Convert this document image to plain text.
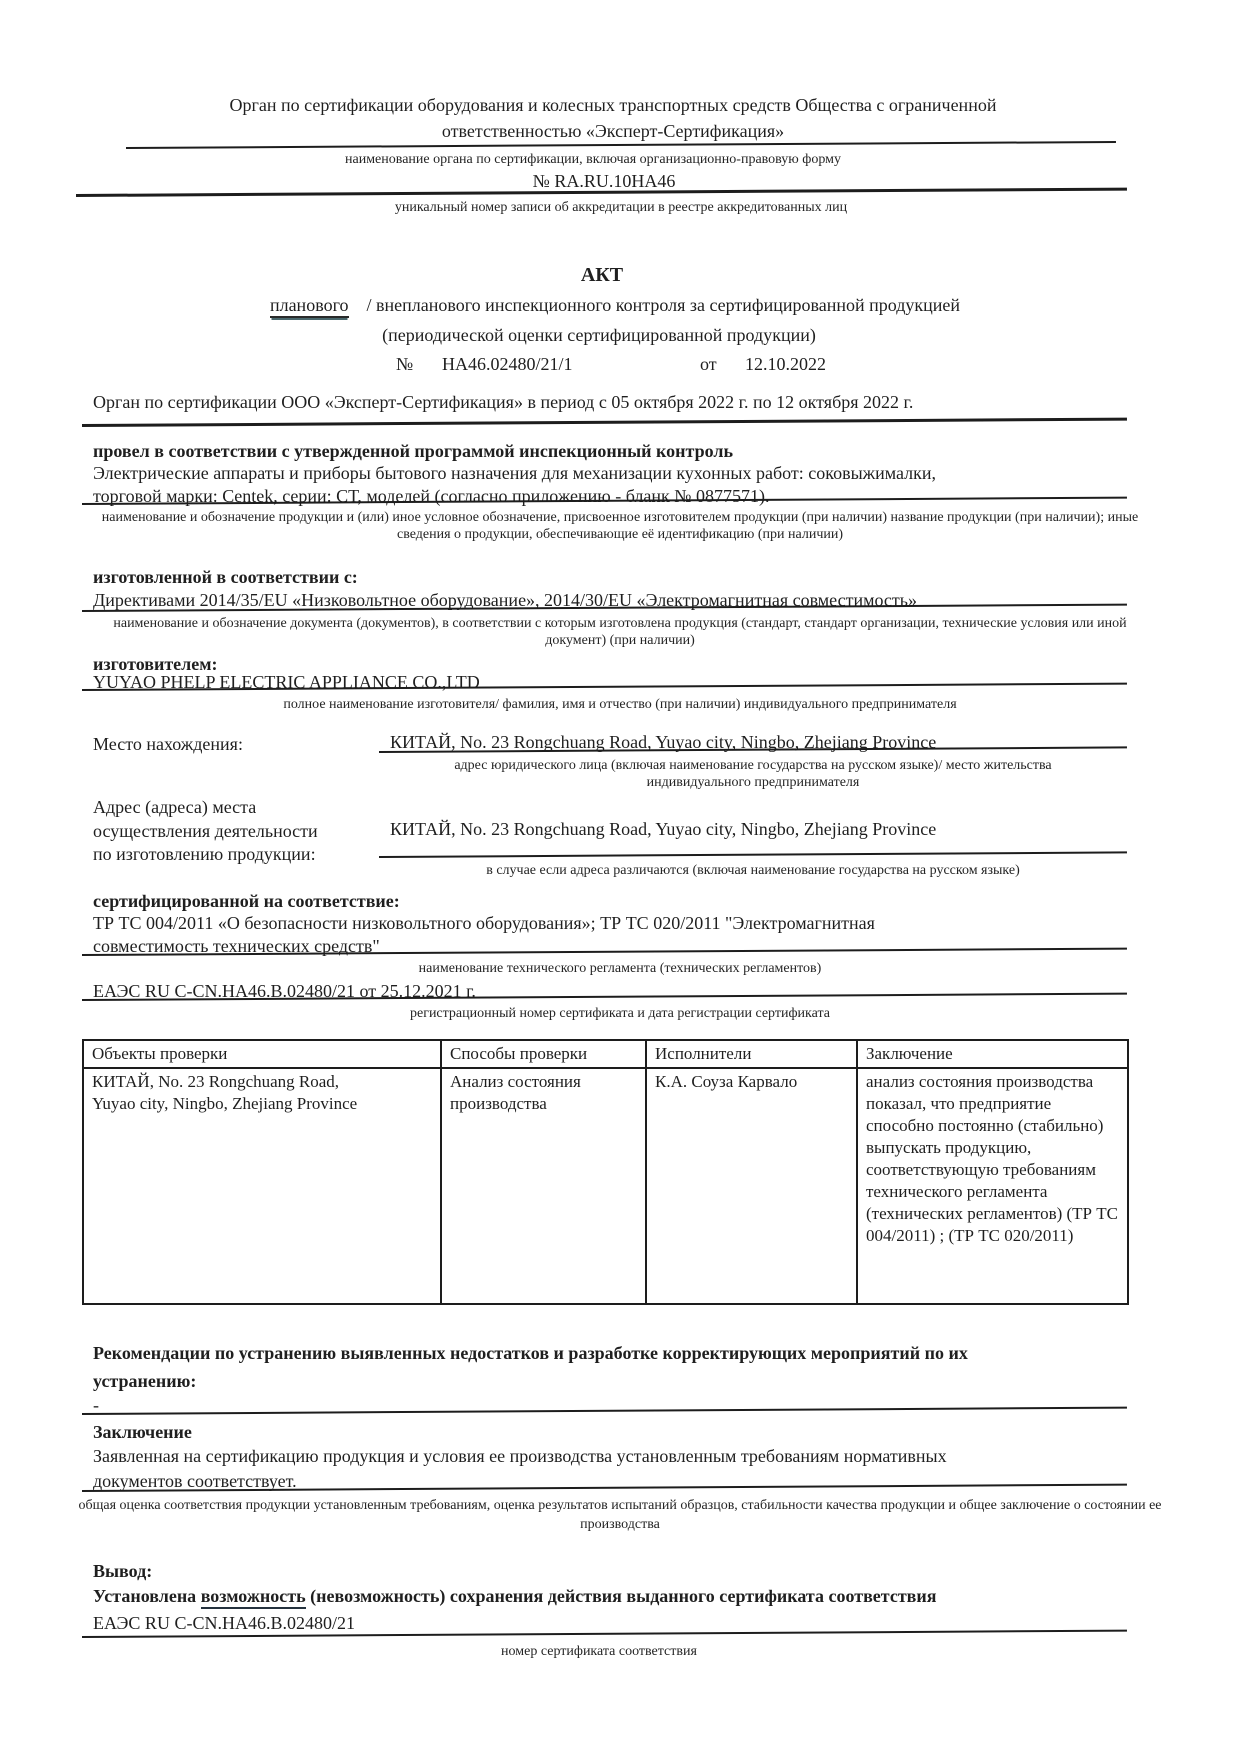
Орган по сертификации оборудования и колесных транспортных средств Общества с ограниченной
ответственностью «Эксперт-Сертификация»
наименование органа по сертификации, включая организационно-правовую форму
№ RA.RU.10НА46
уникальный номер записи об аккредитации в реестре аккредитованных лиц
АКТ
планового / внепланового инспекционного контроля за сертифицированной продукцией
(периодической оценки сертифицированной продукции)
№ НА46.02480/21/1	от 12.10.2022
Орган по сертификации ООО «Эксперт-Сертификация» в период с 05 октября 2022 г. по 12 октября 2022 г.
провел в соответствии с утвержденной программой инспекционный контроль
Электрические аппараты и приборы бытового назначения для механизации кухонных работ: соковыжималки,
торговой марки: Centek, серии: СТ, моделей (согласно приложению - бланк № 0877571).
наименование и обозначение продукции и (или) иное условное обозначение, присвоенное изготовителем продукции (при наличии) название продукции (при наличии); иные сведения о продукции, обеспечивающие её идентификацию (при наличии)
изготовленной в соответствии с:
Директивами 2014/35/EU «Низковольтное оборудование», 2014/30/EU «Электромагнитная совместимость»
наименование и обозначение документа (документов), в соответствии с которым изготовлена продукция (стандарт, стандарт организации, технические условия или иной документ) (при наличии)
изготовителем:
YUYAO PHELP ELECTRIC APPLIANCE CO.,LTD
полное наименование изготовителя/ фамилия, имя и отчество (при наличии) индивидуального предпринимателя
Место нахождения:	КИТАЙ, No. 23 Rongchuang Road, Yuyao city, Ningbo, Zhejiang Province
адрес юридического лица (включая наименование государства на русском языке)/ место жительства индивидуального предпринимателя
Адрес (адреса) места
осуществления деятельности
по изготовлению продукции:
КИТАЙ, No. 23 Rongchuang Road, Yuyao city, Ningbo, Zhejiang Province
в случае если адреса различаются (включая наименование государства на русском языке)
сертифицированной на соответствие:
ТР ТС 004/2011 «О безопасности низковольтного оборудования»; ТР ТС 020/2011 "Электромагнитная
совместимость технических средств"
наименование технического регламента (технических регламентов)
ЕАЭС RU C-CN.НА46.В.02480/21 от 25.12.2021 г.
регистрационный номер сертификата и дата регистрации сертификата
Объекты проверки	Способы проверки	Исполнители	Заключение

КИТАЙ, No. 23 Rongchuang Road,
Yuyao city, Ningbo, Zhejiang Province	Анализ состояния производства	К.А. Соуза Карвало	анализ состояния производства показал, что предприятие способно постоянно (стабильно) выпускать продукцию, соответствующую требованиям технического регламента (технических регламентов) (ТР ТС 004/2011) ; (ТР ТС 020/2011)
Рекомендации по устранению выявленных недостатков и разработке корректирующих мероприятий по их
устранению:
-
Заключение
Заявленная на сертификацию продукция и условия ее производства установленным требованиям нормативных
документов соответствует.
общая оценка соответствия продукции установленным требованиям, оценка результатов испытаний образцов, стабильности качества продукции и общее заключение о состоянии ее производства
Вывод:
Установлена возможность (невозможность) сохранения действия выданного сертификата соответствия
ЕАЭС RU C-CN.НА46.В.02480/21
номер сертификата соответствия
